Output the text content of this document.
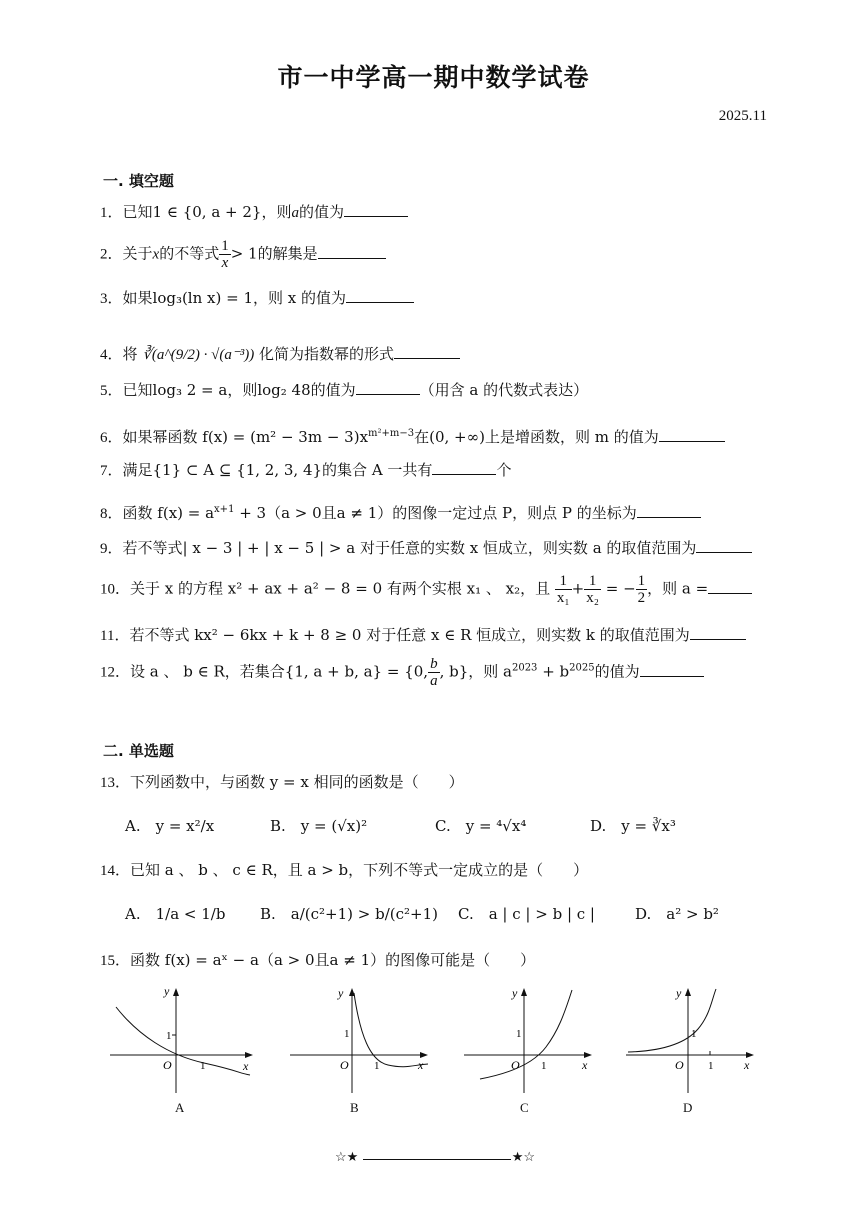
市一中学高一期中数学试卷
2025.11
一. 填空题
1．已知1 ∈ {0, a + 2}，则a的值为
2．关于x的不等式 $\frac{1}{x} > 1$的解集是
3．如果log₃(ln x) = 1，则 x 的值为
4．将 ∛(a^(9/2) · √(a⁻³)) 化简为指数幂的形式
5．已知log₃ 2 = a，则log₂ 48的值为	（用含 a 的代数式表达）
6．如果幂函数 $f(x) = (m^2 - 3m - 3)x^{m^2+m-3}$在(0, +∞)上是增函数，则 m 的值为
7．满足{1} ⊂ A ⊆ {1, 2, 3, 4}的集合 A 一共有	个
8．函数 $f(x) = a^{x+1} + 3(a > 0$且a ≠ 1）的图像一定过点 P，则点 P 的坐标为
9．若不等式| x − 3 | + | x − 5 | > a 对于任意的实数 x 恒成立，则实数 a 的取值范围为
10．关于 x 的方程 x² + ax + a² − 8 = 0 有两个实根 x₁ 、 x₂，且 $\frac{1}{\text{x₁}} + \frac{1}{\text{x₂}}$ = − $\frac{1}{2}$ ，则 a =
11．若不等式 kx² − 6kx + k + 8 ≥ 0 对于任意 x ∈ R 恒成立，则实数 k 的取值范围为
12．设 a 、 b ∈ R，若集合{1, a + b, a} = {0, $\frac{b}{a}$ , b}，则 $a^{2023} + b^{2025}$的值为
二. 单选题
13．下列函数中，与函数 y = x 相同的函数是（　　）
A.　y = x²/x	B.　y = (√x)²	C.　y = ⁴√x⁴	D.　y = ∛x³
14．已知 a 、 b 、 c ∈ R，且 a > b，下列不等式一定成立的是（　　）
A.　1/a < 1/b B.　a/(c²+1) > b/(c²+1) C.　a | c | > b | c |	D.　a² > b²
15．函数 f(x) = aˣ − a（a > 0且a ≠ 1）的图像可能是（　　）
y
x
O
1
1
A
y
x
O
1
1
B
y
x
O
1
1
C
y
x
O
1
1
D
☆★	★☆
